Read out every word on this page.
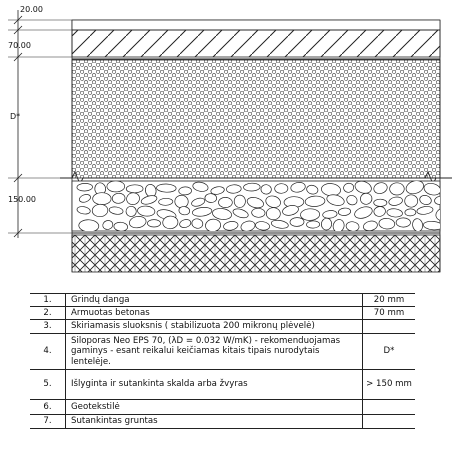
20.00
70.00
D*
150.00
1.	Grindų danga	20 mm
2.	Armuotas betonas	70 mm
3.	Skiriamasis sluoksnis ( stabilizuota 200 mikronų plėvelė)	
4.	Siloporas Neo EPS 70, (λD = 0.032 W/mK) - rekomenduojamas
gaminys - esant reikalui keičiamas kitais tipais nurodytais
lentelėje.	D*
5.	Išlyginta ir sutankinta skalda arba žvyras	> 150 mm
6.	Geotekstilė	
7.	Sutankintas gruntas	
